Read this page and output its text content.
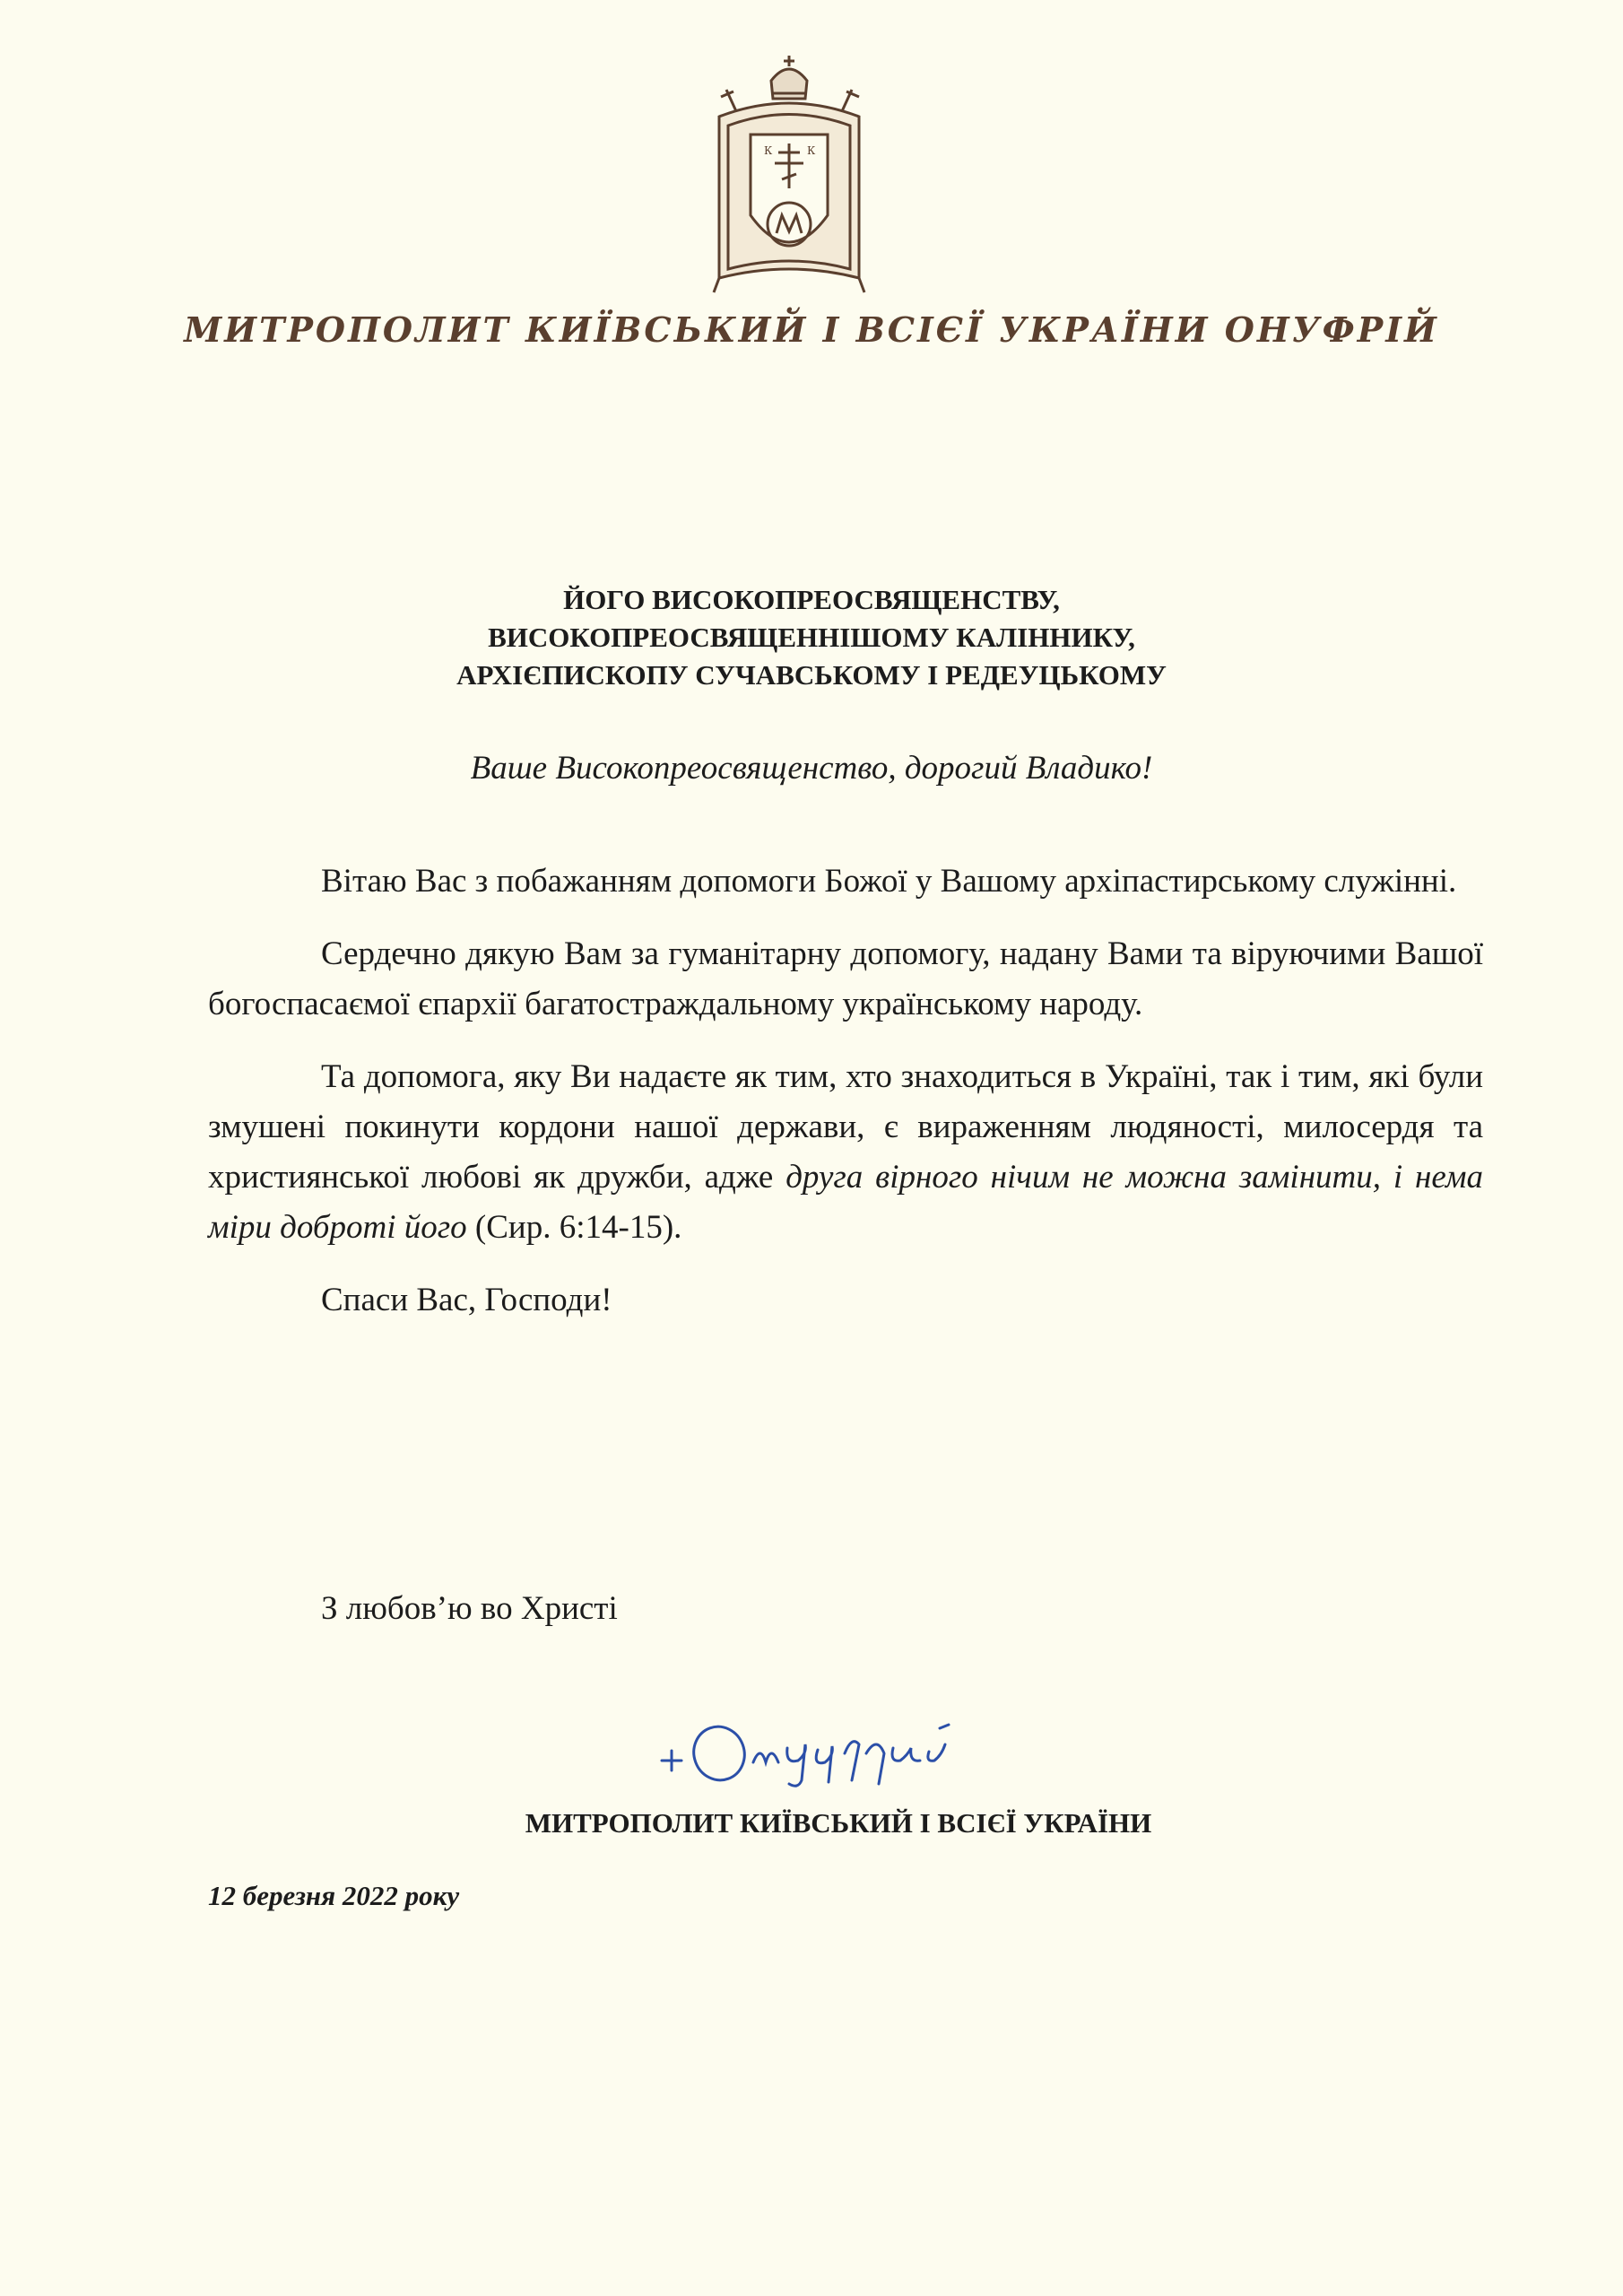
К	К
МИТРОПОЛИТ КИЇВСЬКИЙ І ВСІЄЇ УКРАЇНИ ОНУФРІЙ
ЙОГО ВИСОКОПРЕОСВЯЩЕНСТВУ,
ВИСОКОПРЕОСВЯЩЕННІШОМУ КАЛІННИКУ,
АРХІЄПИСКОПУ СУЧАВСЬКОМУ І РЕДЕУЦЬКОМУ
Ваше Високопреосвященство, дорогий Владико!

Вітаю Вас з побажанням допомоги Божої у Вашому архіпастирському служінні.

Сердечно дякую Вам за гуманітарну допомогу, надану Вами та віруючими Вашої богоспасаємої єпархії багатостраждальному українському народу.

Та допомога, яку Ви надаєте як тим, хто знаходиться в Україні, так і тим, які були змушені покинути кордони нашої держави, є вираженням людяності, милосердя та християнської любові як дружби, адже друга вірного нічим не можна замінити, і нема міри доброті його (Сир. 6:14-15).

Спаси Вас, Господи!

З любов’ю во Христі
МИТРОПОЛИТ КИЇВСЬКИЙ І ВСІЄЇ УКРАЇНИ
12 березня 2022 року
